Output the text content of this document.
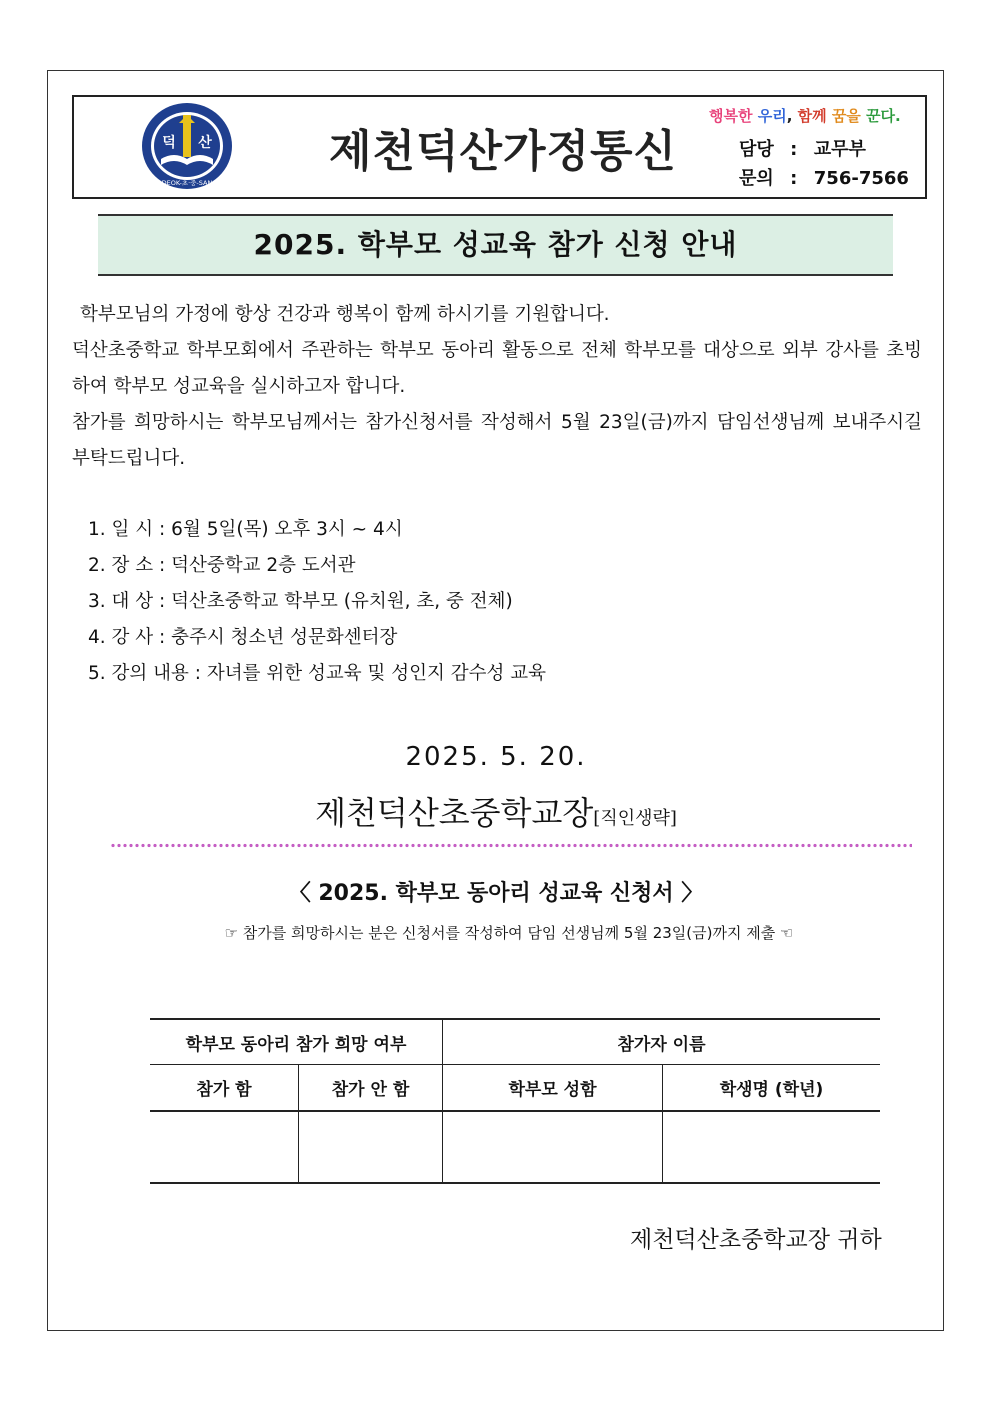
덕 산
DEOK-초·중-SAN
제천덕산가정통신
행복한 우리, 함께 꿈을 꾼다.
담당 : 교무부
문의 : 756-7566
2025. 학부모 성교육 참가 신청 안내

학부모님의 가정에 항상 건강과 행복이 함께 하시기를 기원합니다.

덕산초중학교 학부모회에서 주관하는 학부모 동아리 활동으로 전체 학부모를 대상으로 외부 강사를 초빙하여 학부모 성교육을 실시하고자 합니다.

참가를 희망하시는 학부모님께서는 참가신청서를 작성해서 5월 23일(금)까지 담임선생님께 보내주시길 부탁드립니다.

1. 일 시 : 6월 5일(목) 오후 3시 ~ 4시
2. 장 소 : 덕산중학교 2층 도서관
3. 대 상 : 덕산초중학교 학부모 (유치원, 초, 중 전체)
4. 강 사 : 충주시 청소년 성문화센터장
5. 강의 내용 : 자녀를 위한 성교육 및 성인지 감수성 교육
2025. 5. 20.
제천덕산초중학교장[직인생략]
〈 2025. 학부모 동아리 성교육 신청서 〉
☞ 참가를 희망하시는 분은 신청서를 작성하여 담임 선생님께 5월 23일(금)까지 제출 ☜
학부모 동아리 참가 희망 여부		참가자 이름	
참가 함	참가 안 함	학부모 성함	학생명 (학년)

제천덕산초중학교장 귀하
